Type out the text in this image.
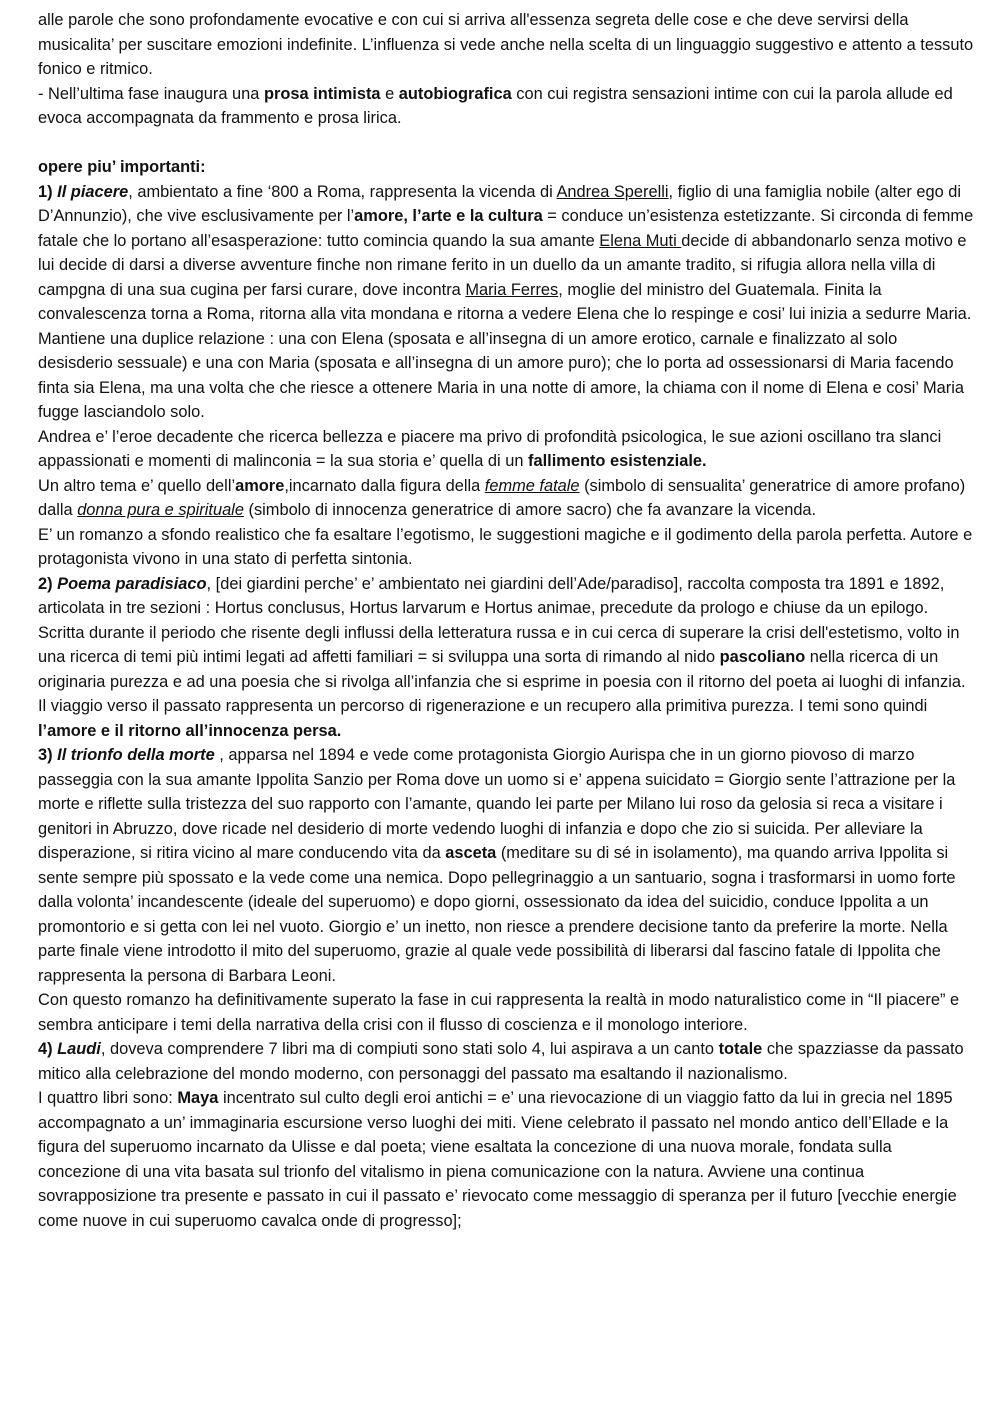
alle parole che sono profondamente evocative e con cui si arriva all'essenza segreta delle cose e che deve servirsi della musicalita’ per suscitare emozioni indefinite. L’influenza si vede anche nella scelta di un linguaggio suggestivo e attento a tessuto fonico e ritmico.

- Nell’ultima fase inaugura una prosa intimista e autobiografica con cui registra sensazioni intime con cui la parola allude ed evoca accompagnata da frammento e prosa lirica.

opere piu’ importanti:

1) Il piacere, ambientato a fine ‘800 a Roma, rappresenta la vicenda di Andrea Sperelli, figlio di una famiglia nobile (alter ego di D’Annunzio), che vive esclusivamente per l’amore, l’arte e la cultura = conduce un’esistenza estetizzante. Si circonda di femme fatale che lo portano all’esasperazione: tutto comincia quando la sua amante Elena Muti decide di abbandonarlo senza motivo e lui decide di darsi a diverse avventure finche non rimane ferito in un duello da un amante tradito, si rifugia allora nella villa di campgna di una sua cugina per farsi curare, dove incontra Maria Ferres, moglie del ministro del Guatemala. Finita la convalescenza torna a Roma, ritorna alla vita mondana e ritorna a vedere Elena che lo respinge e cosi’ lui inizia a sedurre Maria.

Mantiene una duplice relazione : una con Elena (sposata e all’insegna di un amore erotico, carnale e finalizzato al solo desisderio sessuale) e una con Maria (sposata e all’insegna di un amore puro); che lo porta ad ossessionarsi di Maria facendo finta sia Elena, ma una volta che che riesce a ottenere Maria in una notte di amore, la chiama con il nome di Elena e cosi’ Maria fugge lasciandolo solo.

Andrea e’ l’eroe decadente che ricerca bellezza e piacere ma privo di profondità psicologica, le sue azioni oscillano tra slanci appassionati e momenti di malinconia = la sua storia e’ quella di un fallimento esistenziale.

Un altro tema e’ quello dell’amore,incarnato dalla figura della femme fatale (simbolo di sensualita’ generatrice di amore profano)  dalla donna pura e spirituale (simbolo di innocenza generatrice di amore sacro) che fa avanzare la vicenda.

E’ un romanzo a sfondo realistico che fa esaltare l’egotismo, le suggestioni magiche e il godimento della parola perfetta. Autore e protagonista vivono in una stato di perfetta sintonia.

2) Poema paradisiaco, [dei giardini perche’ e’ ambientato nei giardini dell’Ade/paradiso], raccolta composta tra 1891 e 1892, articolata in tre sezioni : Hortus conclusus, Hortus larvarum e Hortus animae, precedute da prologo e chiuse da un epilogo.

Scritta durante il periodo che risente degli influssi della letteratura russa e in cui cerca di superare la crisi dell'estetismo, volto in una ricerca di temi più intimi legati ad affetti familiari = si sviluppa una sorta di rimando al nido pascoliano nella ricerca di un originaria purezza e ad una poesia che si rivolga all’infanzia che si esprime in poesia con il ritorno del poeta ai luoghi di infanzia. Il viaggio verso il passato rappresenta un percorso di rigenerazione e un recupero alla primitiva purezza. I temi sono quindi l’amore e il ritorno all’innocenza persa.

3) Il trionfo della morte , apparsa nel 1894 e vede come protagonista Giorgio Aurispa che in un giorno piovoso di marzo passeggia con la sua amante Ippolita Sanzio per Roma dove un uomo si e’ appena suicidato = Giorgio sente l’attrazione per la morte e riflette sulla tristezza del suo rapporto con l’amante, quando lei parte per Milano lui roso da gelosia si reca a visitare i genitori in Abruzzo, dove ricade nel desiderio di morte vedendo luoghi di infanzia e dopo che zio si suicida. Per alleviare la disperazione, si ritira vicino al mare conducendo vita da asceta (meditare su di sé in isolamento), ma quando arriva Ippolita si sente sempre più spossato e la vede come una nemica. Dopo pellegrinaggio a un santuario, sogna i trasformarsi in uomo forte dalla volonta’ incandescente (ideale del superuomo) e dopo giorni, ossessionato da idea del suicidio, conduce Ippolita a un promontorio e si getta con lei nel vuoto. Giorgio e’ un inetto, non riesce a prendere decisione tanto da preferire la morte. Nella parte finale viene introdotto il mito del superuomo, grazie al quale vede possibilità di liberarsi dal fascino fatale di Ippolita che rappresenta la persona di Barbara Leoni.

Con questo romanzo ha definitivamente superato la fase in cui rappresenta la realtà in modo naturalistico come in “Il piacere” e sembra anticipare i temi della narrativa della crisi con il flusso di coscienza e il monologo interiore.

4) Laudi, doveva comprendere 7 libri ma di compiuti sono stati solo 4, lui aspirava a un canto totale che spazziasse da passato mitico alla celebrazione del mondo moderno, con personaggi del passato ma esaltando il nazionalismo.

I quattro libri sono: Maya incentrato sul culto degli eroi antichi = e’ una rievocazione di un viaggio fatto da lui in grecia nel 1895 accompagnato a un’ immaginaria escursione verso luoghi dei miti. Viene celebrato il passato nel mondo antico dell’Ellade e la figura del superuomo incarnato da Ulisse e dal poeta; viene esaltata la concezione di una nuova morale, fondata sulla concezione di una vita basata sul trionfo del vitalismo in piena comunicazione con la natura. Avviene una continua sovrapposizione tra presente e passato in cui il passato e’ rievocato come messaggio di speranza per il futuro [vecchie energie come nuove in cui superuomo cavalca onde di progresso];
